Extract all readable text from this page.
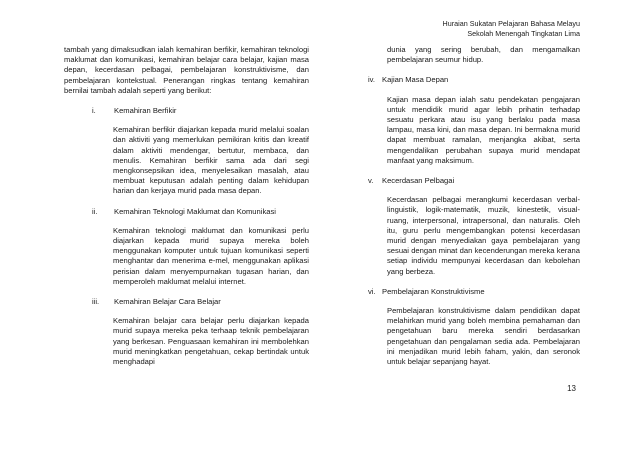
Huraian Sukatan Pelajaran Bahasa Melayu
Sekolah Menengah Tingkatan Lima

tambah yang dimaksudkan ialah kemahiran berfikir, kemahiran teknologi maklumat dan komunikasi, kemahiran belajar cara belajar, kajian masa depan, kecerdasan pelbagai, pembelajaran konstruktivisme, dan pembelajaran kontekstual. Penerangan ringkas tentang kemahiran bernilai tambah adalah seperti yang berikut:

i. Kemahiran Berfikir

Kemahiran berfikir diajarkan kepada murid melalui soalan dan aktiviti yang memerlukan pemikiran kritis dan kreatif dalam aktiviti mendengar, bertutur, membaca, dan menulis. Kemahiran berfikir sama ada dari segi mengkonsepsikan idea, menyelesaikan masalah, atau membuat keputusan adalah penting dalam kehidupan harian dan kerjaya murid pada masa depan.

ii. Kemahiran Teknologi Maklumat dan Komunikasi

Kemahiran teknologi maklumat dan komunikasi perlu diajarkan kepada murid supaya mereka boleh menggunakan komputer untuk tujuan komunikasi seperti menghantar dan menerima e-mel, menggunakan aplikasi perisian dalam menyempurnakan tugasan harian, dan memperoleh maklumat melalui internet.

iii. Kemahiran Belajar Cara Belajar

Kemahiran belajar cara belajar perlu diajarkan kepada murid supaya mereka peka terhaap teknik pembelajaran yang berkesan. Penguasaan kemahiran ini membolehkan murid meningkatkan pengetahuan, cekap bertindak untuk menghadapi

dunia yang sering berubah, dan mengamalkan pembelajaran seumur hidup.

iv. Kajian Masa Depan

Kajian masa depan ialah satu pendekatan pengajaran untuk mendidik murid agar lebih prihatin terhadap sesuatu perkara atau isu yang berlaku pada masa lampau, masa kini, dan masa depan. Ini bermakna murid dapat membuat ramalan, menjangka akibat, serta mengendalikan perubahan supaya murid mendapat manfaat yang maksimum.

v. Kecerdasan Pelbagai

Kecerdasan pelbagai merangkumi kecerdasan verbal-linguistik, logik-matematik, muzik, kinestetik, visual-ruang, interpersonal, intrapersonal, dan naturalis. Oleh itu, guru perlu mengembangkan potensi kecerdasan murid dengan menyediakan gaya pembelajaran yang sesuai dengan minat dan kecenderungan mereka kerana setiap individu mempunyai kecerdasan dan kebolehan yang berbeza.

vi. Pembelajaran Konstruktivisme

Pembelajaran konstruktivisme dalam pendidikan dapat melahirkan murid yang boleh membina pemahaman dan pengetahuan baru mereka sendiri berdasarkan pengetahuan dan pengalaman sedia ada. Pembelajaran ini menjadikan murid lebih faham, yakin, dan seronok untuk belajar sepanjang hayat.

13
